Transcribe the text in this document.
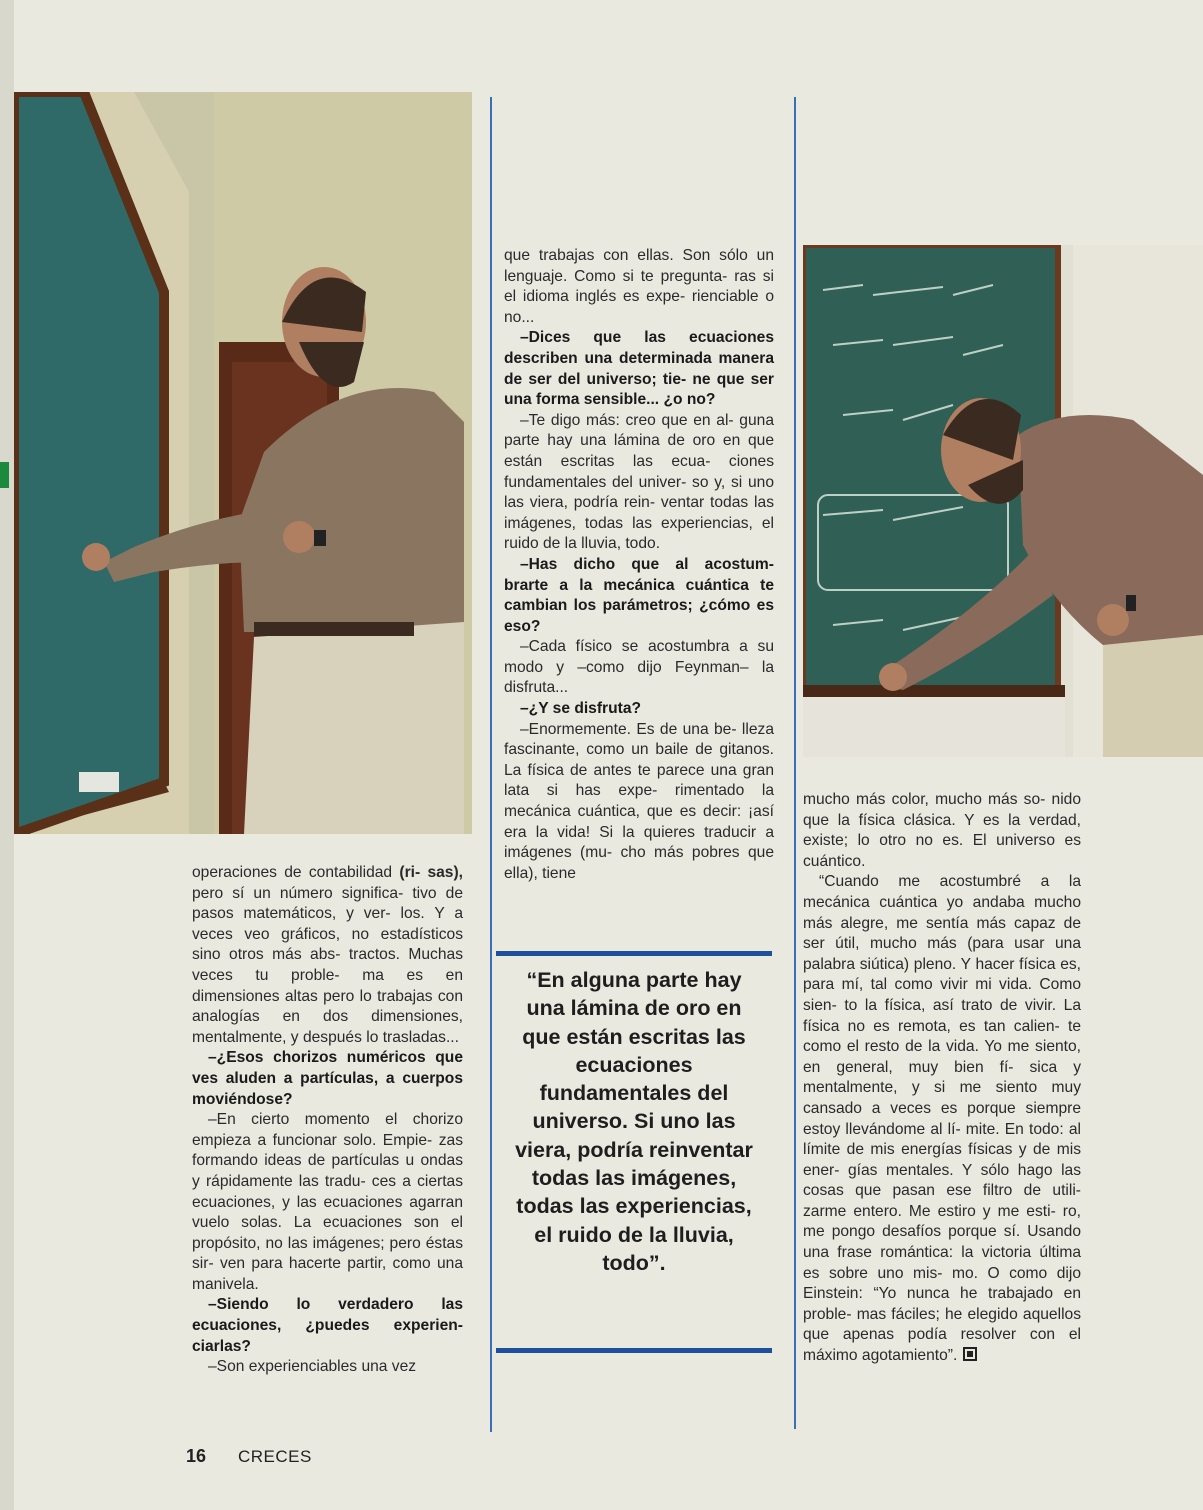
operaciones de contabilidad (ri- sas), pero sí un número significa- tivo de pasos matemáticos, y ver- los. Y a veces veo gráficos, no estadísticos sino otros más abs- tractos. Muchas veces tu proble- ma es en dimensiones altas pero lo trabajas con analogías en dos dimensiones, mentalmente, y después lo trasladas...

–¿Esos chorizos numéricos que ves aluden a partículas, a cuerpos moviéndose?

–En cierto momento el chorizo empieza a funcionar solo. Empie- zas formando ideas de partículas u ondas y rápidamente las tradu- ces a ciertas ecuaciones, y las ecuaciones agarran vuelo solas. La ecuaciones son el propósito, no las imágenes; pero éstas sir- ven para hacerte partir, como una manivela.

–Siendo lo verdadero las ecuaciones, ¿puedes experien- ciarlas?

–Son experienciables una vez

que trabajas con ellas. Son sólo un lenguaje. Como si te pregunta- ras si el idioma inglés es expe- rienciable o no...

–Dices que las ecuaciones describen una determinada manera de ser del universo; tie- ne que ser una forma sensible... ¿o no?

–Te digo más: creo que en al- guna parte hay una lámina de oro en que están escritas las ecua- ciones fundamentales del univer- so y, si uno las viera, podría rein- ventar todas las imágenes, todas las experiencias, el ruido de la lluvia, todo.

–Has dicho que al acostum- brarte a la mecánica cuántica te cambian los parámetros; ¿cómo es eso?

–Cada físico se acostumbra a su modo y –como dijo Feynman– la disfruta...

–¿Y se disfruta?

–Enormemente. Es de una be- lleza fascinante, como un baile de gitanos. La física de antes te parece una gran lata si has expe- rimentado la mecánica cuántica, que es decir: ¡así era la vida! Si la quieres traducir a imágenes (mu- cho más pobres que ella), tiene

“En alguna parte hay una lámina de oro en que están escritas las ecuaciones fundamentales del universo. Si uno las viera, podría reinventar todas las imágenes, todas las experiencias, el ruido de la lluvia, todo”.

mucho más color, mucho más so- nido que la física clásica. Y es la verdad, existe; lo otro no es. El universo es cuántico.

“Cuando me acostumbré a la mecánica cuántica yo andaba mucho más alegre, me sentía más capaz de ser útil, mucho más (para usar una palabra siútica) pleno. Y hacer física es, para mí, tal como vivir mi vida. Como sien- to la física, así trato de vivir. La física no es remota, es tan calien- te como el resto de la vida. Yo me siento, en general, muy bien fí- sica y mentalmente, y si me siento muy cansado a veces es porque siempre estoy llevándome al lí- mite. En todo: al límite de mis energías físicas y de mis ener- gías mentales. Y sólo hago las cosas que pasan ese filtro de utili- zarme entero. Me estiro y me esti- ro, me pongo desafíos porque sí. Usando una frase romántica: la victoria última es sobre uno mis- mo. O como dijo Einstein: “Yo nunca he trabajado en proble- mas fáciles; he elegido aquellos que apenas podía resolver con el máximo agotamiento”.

16 CRECES
